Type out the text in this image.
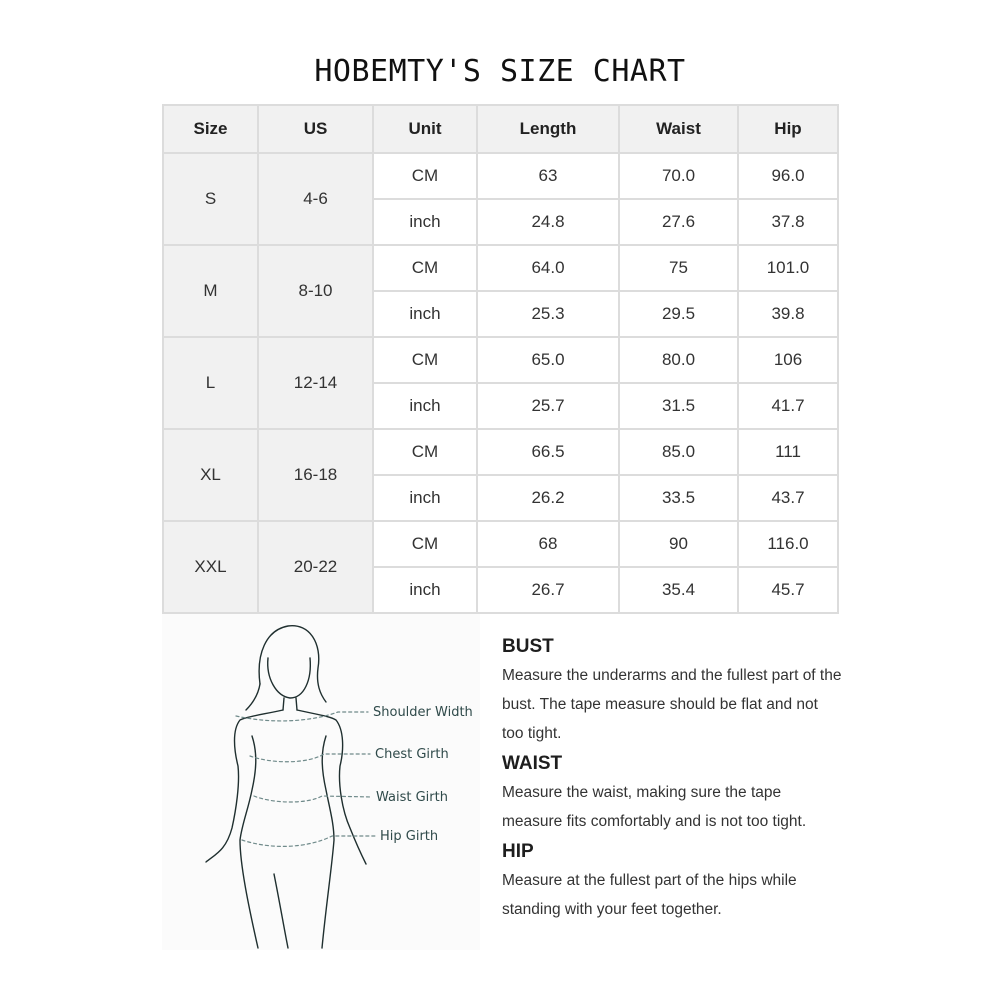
HOBEMTY'S SIZE CHART
Size	US	Unit	Length	Waist	Hip
S	4-6	CM	63	70.0	96.0
		inch	24.8	27.6	37.8
M	8-10	CM	64.0	75	101.0
		inch	25.3	29.5	39.8
L	12-14	CM	65.0	80.0	106
		inch	25.7	31.5	41.7
XL	16-18	CM	66.5	85.0	111
		inch	26.2	33.5	43.7
XXL	20-22	CM	68	90	116.0
		inch	26.7	35.4	45.7
Shoulder Width
Chest Girth
Waist Girth
Hip Girth
BUST

Measure the underarms and the fullest part of the bust. The tape measure should be flat and not too tight.

WAIST

Measure the waist, making sure the tape measure fits comfortably and is not too tight.

HIP

Measure at the fullest part of the hips while standing with your feet together.
